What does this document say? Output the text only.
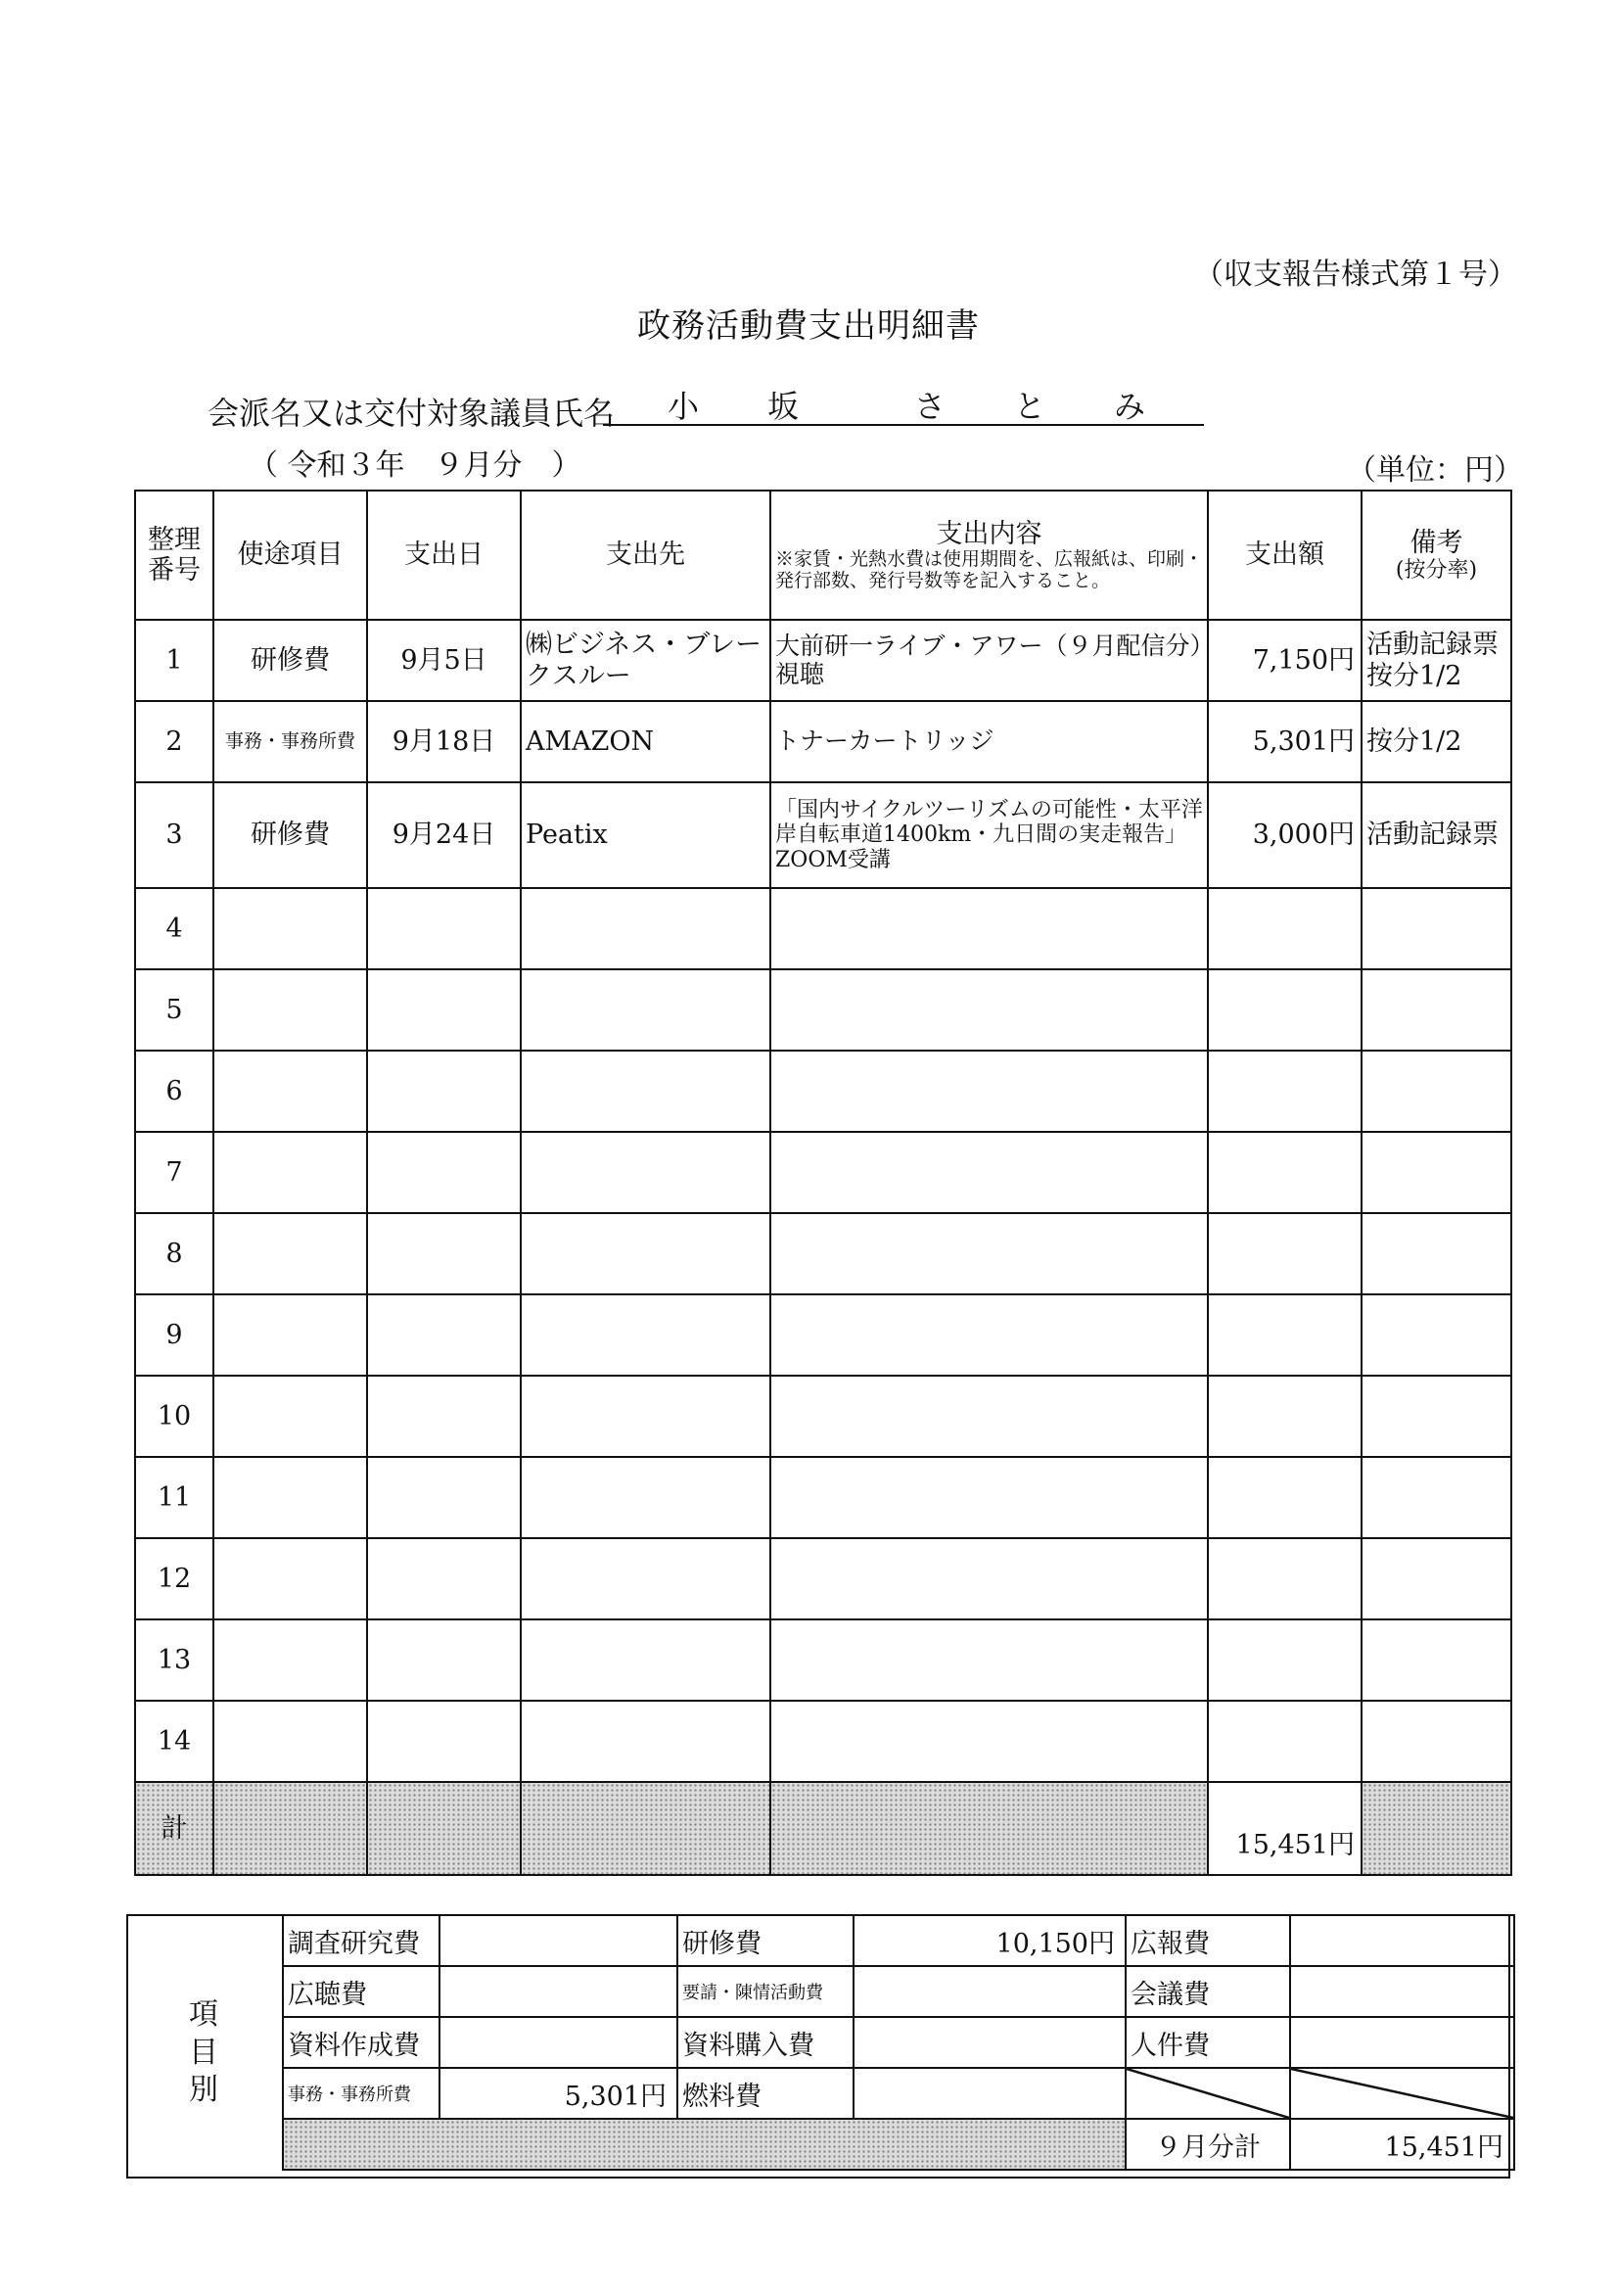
（収支報告様式第１号）
政務活動費支出明細書
会派名又は交付対象議員氏名 小 坂	さ と み
（ 令和３年　９月分　）	（単位：円）
整理
番号	使途項目	支出日	支出先	支出内容
※家賃・光熱水費は使用期間を、広報紙は、印刷・発行部数、発行号数等を記入すること。	支出額	備考
(按分率)

1	研修費	9月5日	㈱ビジネス・ブレークスルー	大前研一ライブ・アワー（９月配信分）視聴	7,150円	活動記録票 按分1/2
2	事務・事務所費	9月18日	AMAZON	トナーカートリッジ	5,301円	按分1/2
3	研修費	9月24日	Peatix	「国内サイクルツーリズムの可能性・太平洋岸自転車道1400km・九日間の実走報告」ZOOM受講	3,000円	活動記録票
4						
5						
6						
7						
8						
9						
10						
11						
12						
13						
14						
計					15,451円	
項
目
別
調査研究費		研修費	10,150円	広報費	
広聴費		要請・陳情活動費		会議費	
資料作成費		資料購入費		人件費	
事務・事務所費	5,301円	燃料費			
				９月分計	15,451円
